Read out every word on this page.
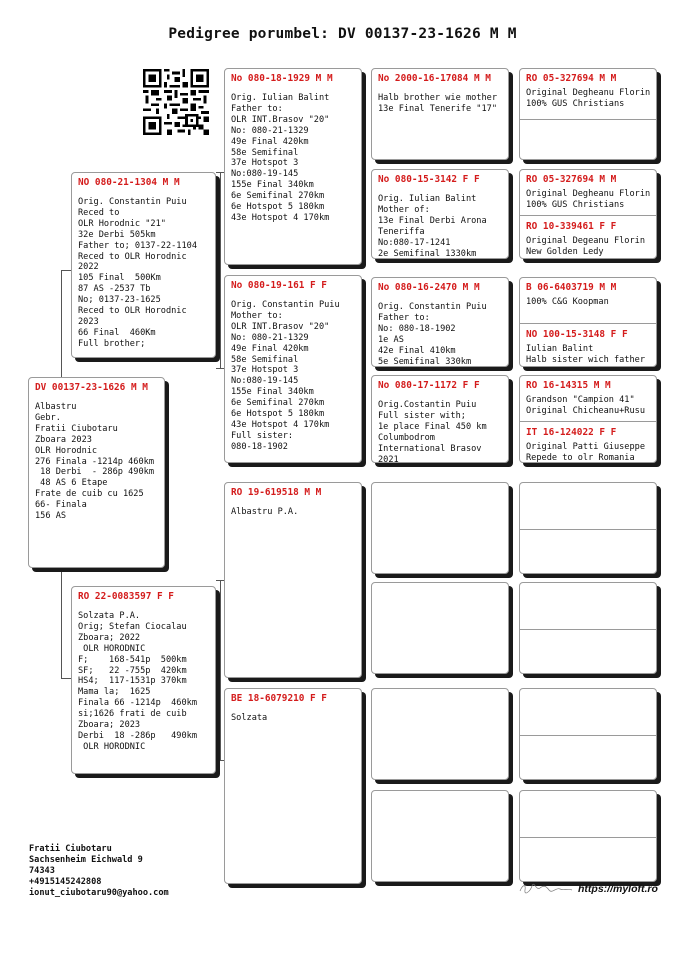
Pedigree porumbel: DV 00137-23-1626 M M
DV 00137-23-1626 M M
Albastru
Gebr.
Fratii Ciubotaru
Zboara 2023
OLR Horodnic
276 Finala -1214p 460km
18 Derbi  - 286p 490km
48 AS 6 Etape
Frate de cuib cu 1625
66- Finala
156 AS
NO 080-21-1304 M M
Orig. Constantin Puiu
Reced to
OLR Horodnic "21"
32e Derbi 505km
Father to; 0137-22-1104
Reced to OLR Horodnic
2022
105 Final  500Km
87 AS -2537 Tb
No; 0137-23-1625
Reced to OLR Horodnic
2023
66 Final  460Km
Full brother;
RO 22-0083597 F F
Solzata P.A.
Orig; Stefan Ciocalau
Zboara; 2022
OLR HORODNIC
F;    168-541p  500km
SF;   22 -755p  420km
HS4;  117-1531p 370km
Mama la;  1625
Finala 66 -1214p  460km
si;1626 frati de cuib
Zboara; 2023
Derbi  18 -286p   490km
OLR HORODNIC
No 080-18-1929 M M
Orig. Iulian Balint
Father to:
OLR INT.Brasov "20"
No: 080-21-1329
49e Final 420km
58e Semifinal
37e Hotspot 3
No:080-19-145
155e Final 340km
6e Semifinal 270km
6e Hotspot 5 180km
43e Hotspot 4 170km
No 080-19-161 F F
Orig. Constantin Puiu
Mother to:
OLR INT.Brasov "20"
No: 080-21-1329
49e Final 420km
58e Semifinal
37e Hotspot 3
No:080-19-145
155e Final 340km
6e Semifinal 270km
6e Hotspot 5 180km
43e Hotspot 4 170km
Full sister:
080-18-1902
RO 19-619518 M M
Albastru P.A.
BE 18-6079210 F F
Solzata
No 2000-16-17084 M M
Halb brother wie mother
13e Final Tenerife "17"
No 080-15-3142 F F
Orig. Iulian Balint
Mother of:
13e Final Derbi Arona
Teneriffa
No:080-17-1241
2e Semifinal 1330km
No 080-16-2470 M M
Orig. Constantin Puiu
Father to:
No: 080-18-1902
1e AS
42e Final 410km
5e Semifinal 330km
No 080-17-1172 F F
Orig.Costantin Puiu
Full sister with;
1e place Final 450 km
Columbodrom
International Brasov
2021
RO 05-327694 M M
Original Degheanu Florin
100% GUS Christians
RO 05-327694 M M
Original Degheanu Florin
100% GUS Christians
RO 10-339461 F F
Original Degeanu Florin
New Golden Ledy
B 06-6403719 M M
100% C&G Koopman
NO 100-15-3148 F F
Iulian Balint
Halb sister wich father
RO 16-14315 M M
Grandson "Campion 41"
Original Chicheanu+Rusu
IT 16-124022 F F
Original Patti Giuseppe
Repede to olr Romania
Fratii Ciubotaru
Sachsenheim Eichwald 9
74343
+4915145242808
ionut_ciubotaru90@yahoo.com	https://myloft.ro
